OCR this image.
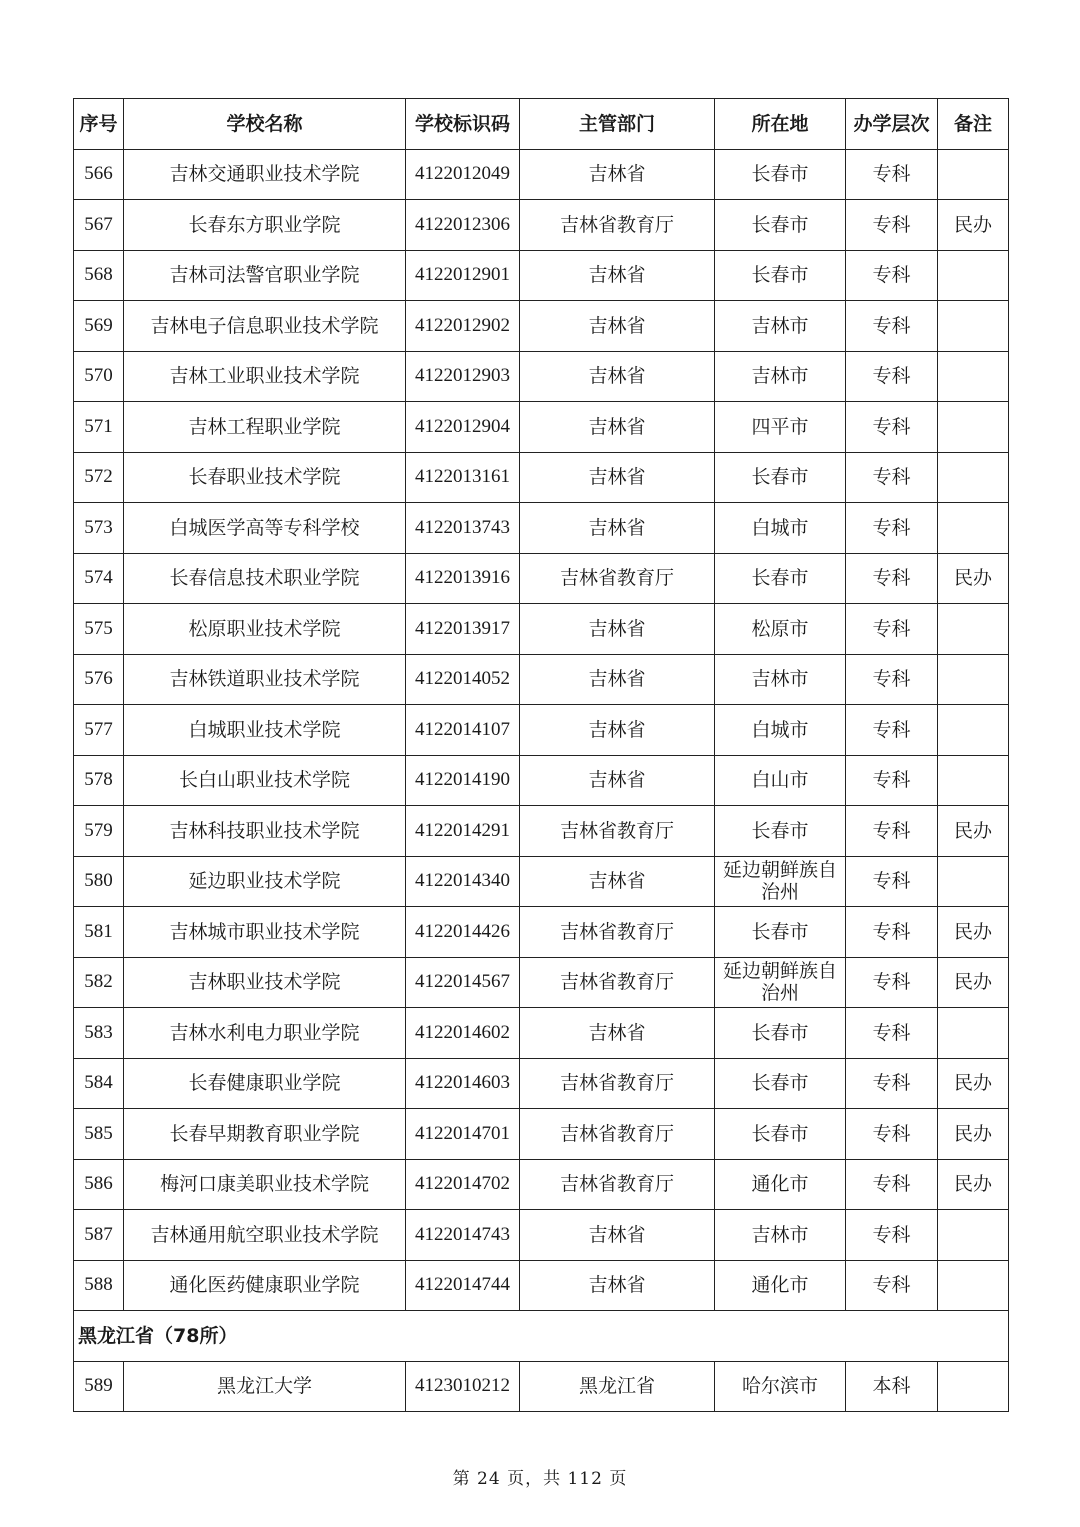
序号	学校名称	学校标识码	主管部门	所在地	办学层次	备注
566	吉林交通职业技术学院	4122012049	吉林省	长春市	专科	
567	长春东方职业学院	4122012306	吉林省教育厅	长春市	专科	民办
568	吉林司法警官职业学院	4122012901	吉林省	长春市	专科	
569	吉林电子信息职业技术学院	4122012902	吉林省	吉林市	专科	
570	吉林工业职业技术学院	4122012903	吉林省	吉林市	专科	
571	吉林工程职业学院	4122012904	吉林省	四平市	专科	
572	长春职业技术学院	4122013161	吉林省	长春市	专科	
573	白城医学高等专科学校	4122013743	吉林省	白城市	专科	
574	长春信息技术职业学院	4122013916	吉林省教育厅	长春市	专科	民办
575	松原职业技术学院	4122013917	吉林省	松原市	专科	
576	吉林铁道职业技术学院	4122014052	吉林省	吉林市	专科	
577	白城职业技术学院	4122014107	吉林省	白城市	专科	
578	长白山职业技术学院	4122014190	吉林省	白山市	专科	
579	吉林科技职业技术学院	4122014291	吉林省教育厅	长春市	专科	民办
580	延边职业技术学院	4122014340	吉林省	延边朝鲜族自治州	专科	
581	吉林城市职业技术学院	4122014426	吉林省教育厅	长春市	专科	民办
582	吉林职业技术学院	4122014567	吉林省教育厅	延边朝鲜族自治州	专科	民办
583	吉林水利电力职业学院	4122014602	吉林省	长春市	专科	
584	长春健康职业学院	4122014603	吉林省教育厅	长春市	专科	民办
585	长春早期教育职业学院	4122014701	吉林省教育厅	长春市	专科	民办
586	梅河口康美职业技术学院	4122014702	吉林省教育厅	通化市	专科	民办
587	吉林通用航空职业技术学院	4122014743	吉林省	吉林市	专科	
588	通化医药健康职业学院	4122014744	吉林省	通化市	专科	
黑龙江省（78所）						
589	黑龙江大学	4123010212	黑龙江省	哈尔滨市	本科	
第 24 页，共 112 页
